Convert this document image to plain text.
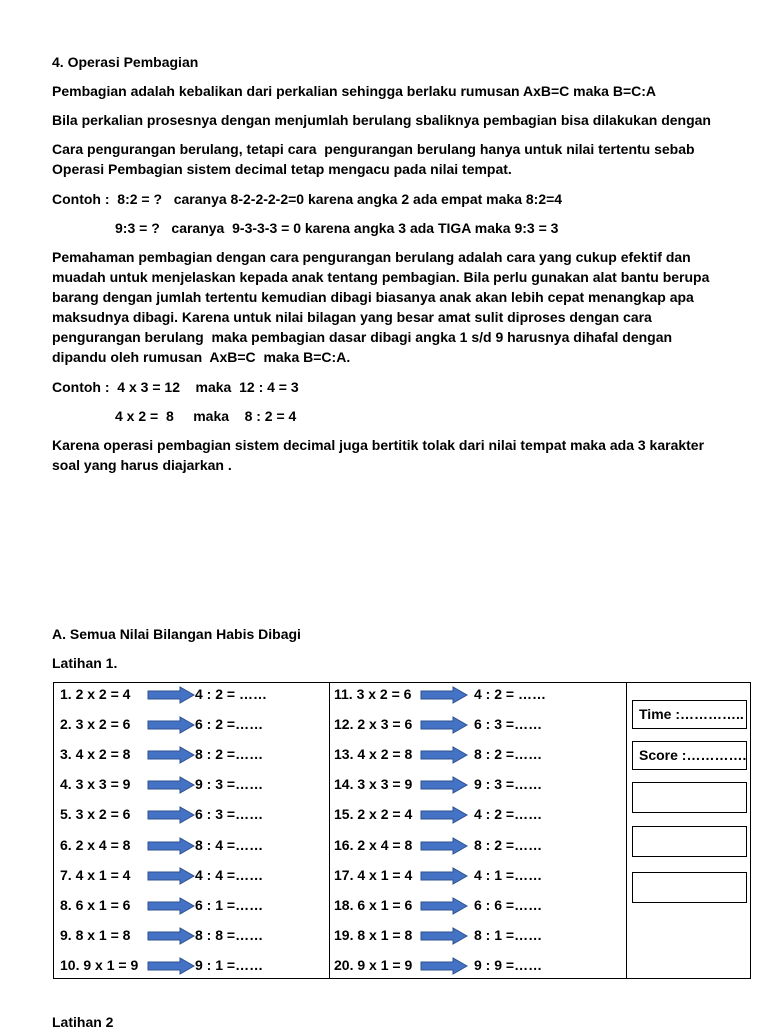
4. Operasi Pembagian
Pembagian adalah kebalikan dari perkalian sehingga berlaku rumusan AxB=C maka B=C:A
Bila perkalian prosesnya dengan menjumlah berulang sbaliknya pembagian bisa dilakukan dengan
Cara pengurangan berulang, tetapi cara  pengurangan berulang hanya untuk nilai tertentu sebab
Operasi Pembagian sistem decimal tetap mengacu pada nilai tempat.
Contoh :  8:2 = ?   caranya 8-2-2-2-2=0 karena angka 2 ada empat maka 8:2=4
9:3 = ?   caranya  9-3-3-3 = 0 karena angka 3 ada TIGA maka 9:3 = 3
Pemahaman pembagian dengan cara pengurangan berulang adalah cara yang cukup efektif dan
muadah untuk menjelaskan kepada anak tentang pembagian. Bila perlu gunakan alat bantu berupa
barang dengan jumlah tertentu kemudian dibagi biasanya anak akan lebih cepat menangkap apa
maksudnya dibagi. Karena untuk nilai bilagan yang besar amat sulit diproses dengan cara
pengurangan berulang  maka pembagian dasar dibagi angka 1 s/d 9 harusnya dihafal dengan
dipandu oleh rumusan  AxB=C  maka B=C:A.
Contoh :  4 x 3 = 12    maka  12 : 4 = 3
4 x 2 =  8     maka    8 : 2 = 4
Karena operasi pembagian sistem decimal juga bertitik tolak dari nilai tempat maka ada 3 karakter
soal yang harus diajarkan .
A. Semua Nilai Bilangan Habis Dibagi
Latihan 1.
1. 2 x 2 = 4	4 : 2 = ……
2. 3 x 2 = 6	6 : 2 =……
3. 4 x 2 = 8	8 : 2 =……
4. 3 x 3 = 9	9 : 3 =……
5. 3 x 2 = 6	6 : 3 =……
6. 2 x 4 = 8	8 : 4 =……
7. 4 x 1 = 4	4 : 4 =……
8. 6 x 1 = 6	6 : 1 =……
9. 8 x 1 = 8	8 : 8 =……
10. 9 x 1 = 9	9 : 1 =……
11. 3 x 2 = 6	4 : 2 = ……
12. 2 x 3 = 6	6 : 3 =……
13. 4 x 2 = 8	8 : 2 =……
14. 3 x 3 = 9	9 : 3 =……
15. 2 x 2 = 4	4 : 2 =……
16. 2 x 4 = 8	8 : 2 =……
17. 4 x 1 = 4	4 : 1 =……
18. 6 x 1 = 6	6 : 6 =……
19. 8 x 1 = 8	8 : 1 =……
20. 9 x 1 = 9	9 : 9 =……
Time :…………..
Score :………….
Latihan 2
